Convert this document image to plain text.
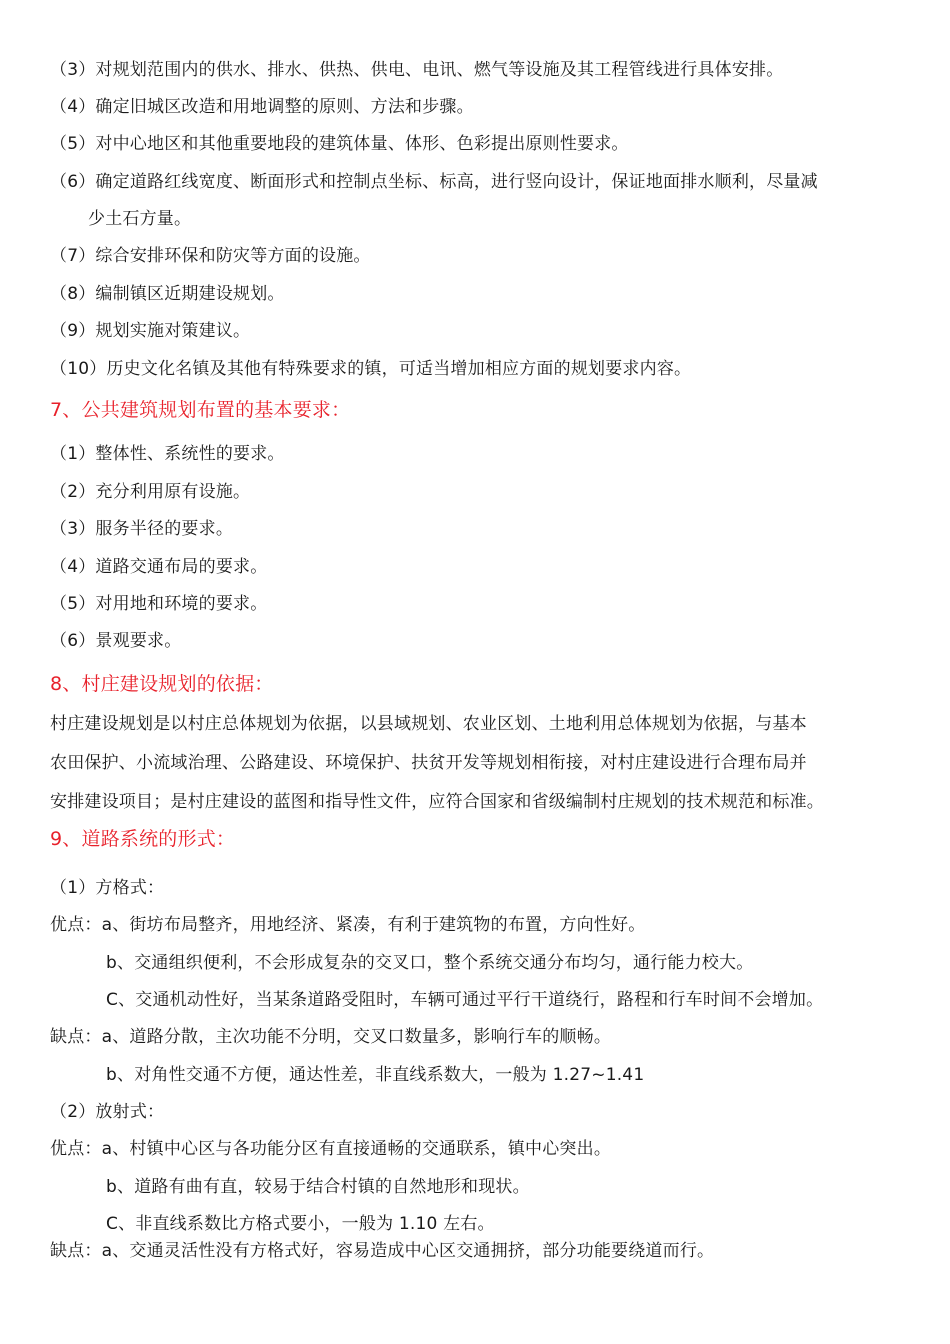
（3）对规划范围内的供水、排水、供热、供电、电讯、燃气等设施及其工程管线进行具体安排。
（4）确定旧城区改造和用地调整的原则、方法和步骤。
（5）对中心地区和其他重要地段的建筑体量、体形、色彩提出原则性要求。
（6）确定道路红线宽度、断面形式和控制点坐标、标高，进行竖向设计，保证地面排水顺利，尽量减
少土石方量。
（7）综合安排环保和防灾等方面的设施。
（8）编制镇区近期建设规划。
（9）规划实施对策建议。
（10）历史文化名镇及其他有特殊要求的镇，可适当增加相应方面的规划要求内容。
7、公共建筑规划布置的基本要求：
（1）整体性、系统性的要求。
（2）充分利用原有设施。
（3）服务半径的要求。
（4）道路交通布局的要求。
（5）对用地和环境的要求。
（6）景观要求。
8、村庄建设规划的依据：
村庄建设规划是以村庄总体规划为依据，以县域规划、农业区划、土地利用总体规划为依据，与基本
农田保护、小流域治理、公路建设、环境保护、扶贫开发等规划相衔接，对村庄建设进行合理布局并
安排建设项目；是村庄建设的蓝图和指导性文件，应符合国家和省级编制村庄规划的技术规范和标准。
9、道路系统的形式：
（1）方格式：
优点：a、街坊布局整齐，用地经济、紧凑，有利于建筑物的布置，方向性好。
b、交通组织便利，不会形成复杂的交叉口，整个系统交通分布均匀，通行能力校大。
C、交通机动性好，当某条道路受阻时，车辆可通过平行干道绕行，路程和行车时间不会增加。
缺点：a、道路分散，主次功能不分明，交叉口数量多，影响行车的顺畅。
b、对角性交通不方便，通达性差，非直线系数大，一般为 1.27~1.41
（2）放射式：
优点：a、村镇中心区与各功能分区有直接通畅的交通联系，镇中心突出。
b、道路有曲有直，较易于结合村镇的自然地形和现状。
C、非直线系数比方格式要小，一般为 1.10 左右。
缺点：a、交通灵活性没有方格式好，容易造成中心区交通拥挤，部分功能要绕道而行。
